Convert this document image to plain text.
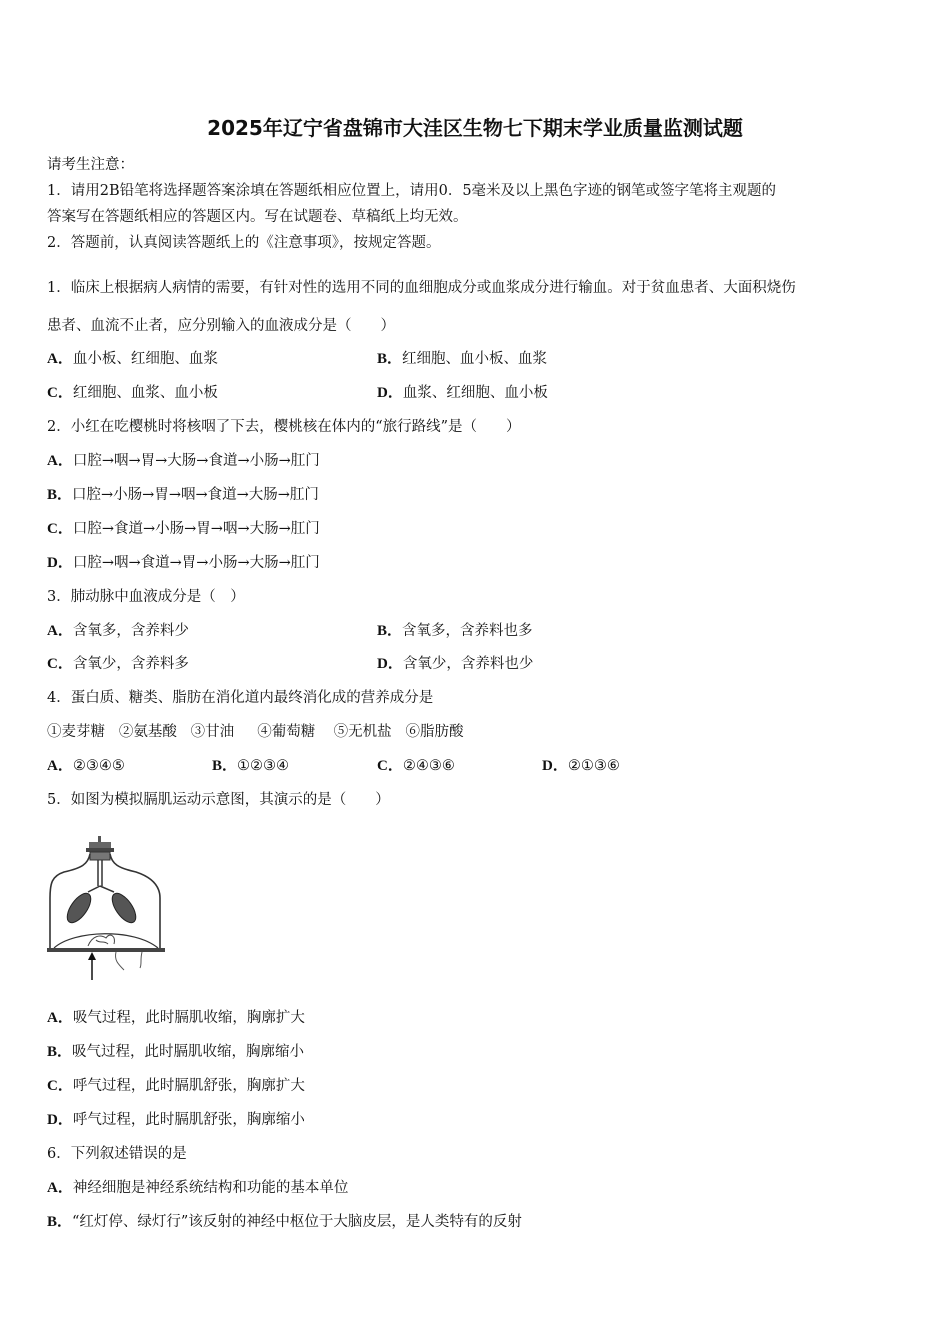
2025年辽宁省盘锦市大洼区生物七下期末学业质量监测试题
请考生注意：
1．请用2B铅笔将选择题答案涂填在答题纸相应位置上，请用0．5毫米及以上黑色字迹的钢笔或签字笔将主观题的
答案写在答题纸相应的答题区内。写在试题卷、草稿纸上均无效。
2．答题前，认真阅读答题纸上的《注意事项》，按规定答题。
1．临床上根据病人病情的需要，有针对性的选用不同的血细胞成分或血浆成分进行输血。对于贫血患者、大面积烧伤
患者、血流不止者，应分别输入的血液成分是（　　）
A．血小板、红细胞、血浆	B．红细胞、血小板、血浆
C．红细胞、血浆、血小板	D．血浆、红细胞、血小板
2．小红在吃樱桃时将核咽了下去，樱桃核在体内的“旅行路线”是（　　）
A．口腔→咽→胃→大肠→食道→小肠→肛门
B．口腔→小肠→胃→咽→食道→大肠→肛门
C．口腔→食道→小肠→胃→咽→大肠→肛门
D．口腔→咽→食道→胃→小肠→大肠→肛门
3．肺动脉中血液成分是（　）
A．含氧多，含养料少	B．含氧多，含养料也多
C．含氧少，含养料多	D．含氧少，含养料也少
4．蛋白质、糖类、脂肪在消化道内最终消化成的营养成分是
①麦芽糖 ②氨基酸 ③甘油 ④葡萄糖 ⑤无机盐 ⑥脂肪酸
A．②③④⑤	B．①②③④	C．②④③⑥	D．②①③⑥
5．如图为模拟膈肌运动示意图，其演示的是（　　）
A．吸气过程，此时膈肌收缩，胸廓扩大
B．吸气过程，此时膈肌收缩，胸廓缩小
C．呼气过程，此时膈肌舒张，胸廓扩大
D．呼气过程，此时膈肌舒张，胸廓缩小
6．下列叙述错误的是
A．神经细胞是神经系统结构和功能的基本单位
B．“红灯停、绿灯行”该反射的神经中枢位于大脑皮层，是人类特有的反射
